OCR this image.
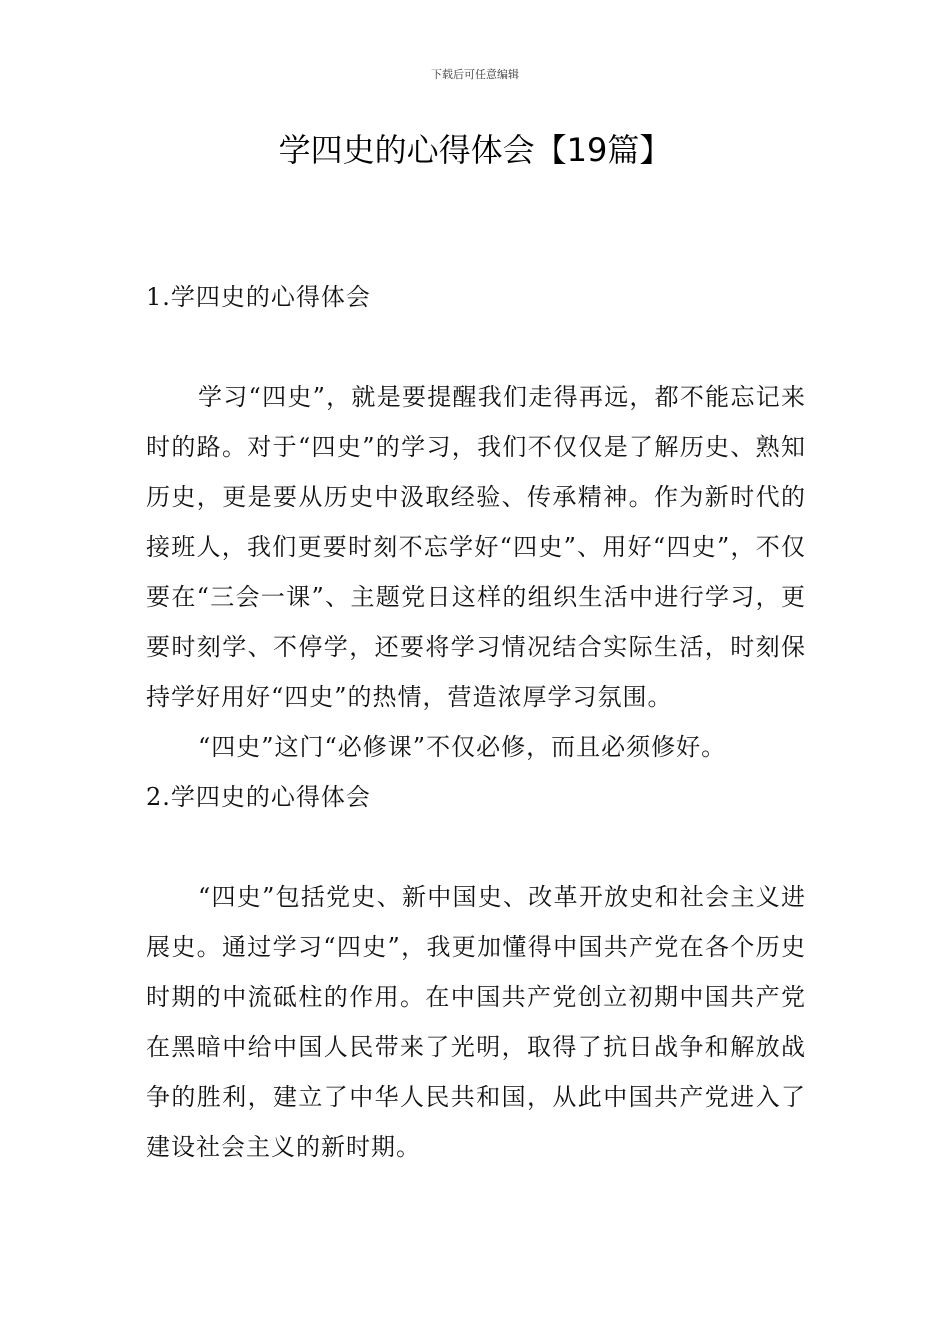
下载后可任意编辑
学四史的心得体会【19篇】

1.学四史的心得体会

学习“四史”，就是要提醒我们走得再远，都不能忘记来时的路。对于“四史”的学习，我们不仅仅是了解历史、熟知历史，更是要从历史中汲取经验、传承精神。作为新时代的接班人，我们更要时刻不忘学好“四史”、用好“四史”，不仅要在“三会一课”、主题党日这样的组织生活中进行学习，更要时刻学、不停学，还要将学习情况结合实际生活，时刻保持学好用好“四史”的热情，营造浓厚学习氛围。

“四史”这门“必修课”不仅必修，而且必须修好。

2.学四史的心得体会

“四史”包括党史、新中国史、改革开放史和社会主义进展史。通过学习“四史”，我更加懂得中国共产党在各个历史时期的中流砥柱的作用。在中国共产党创立初期中国共产党在黑暗中给中国人民带来了光明，取得了抗日战争和解放战争的胜利，建立了中华人民共和国，从此中国共产党进入了建设社会主义的新时期。
